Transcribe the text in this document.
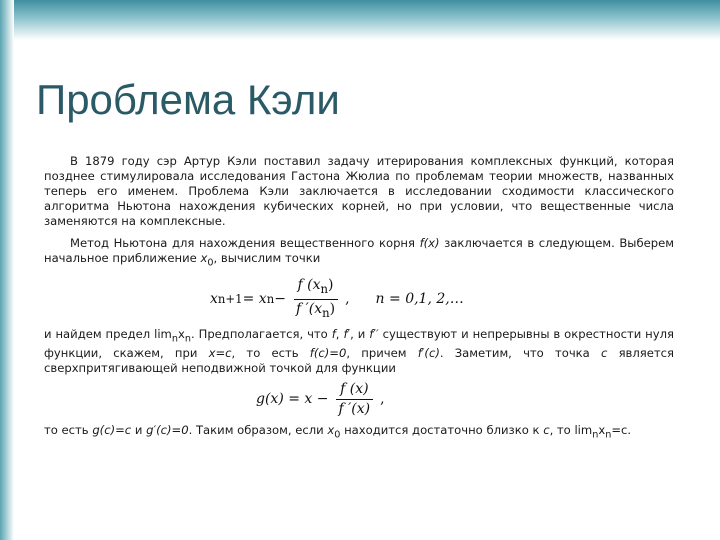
Проблема Кэли

В 1879 году сэр Артур Кэли поставил задачу итерирования комплексных функций, которая позднее стимулировала исследования Гастона Жюлиа по проблемам теории множеств, названных теперь его именем. Проблема Кэли заключается в исследовании сходимости классического алгоритма Ньютона нахождения кубических корней, но при условии, что вещественные числа заменяются на комплексные.

Метод Ньютона для нахождения вещественного корня f(x) заключается в следующем. Выберем начальное приближение $x_0$, вычислим точки

x n+1 = x $n - \frac{f (x_n)}{f '(x_n)}$ , n = 0,1, 2,…

и найдем предел $\lim_nx_n$. Предполагается, что f, f′, и f′′ существуют и непрерывны в окрестности нуля функции, скажем, при x=c, то есть f(c)=0, причем f′(c). Заметим, что точка c является сверхпритягивающей неподвижной точкой для функции

$g(x) = x - \frac{f (x)}{f '(x)}$ ,

то есть g(c)=c и g′(c)=0. Таким образом, если $x_0$ находится достаточно близко к c, то $\lim_nx_n=c$.
